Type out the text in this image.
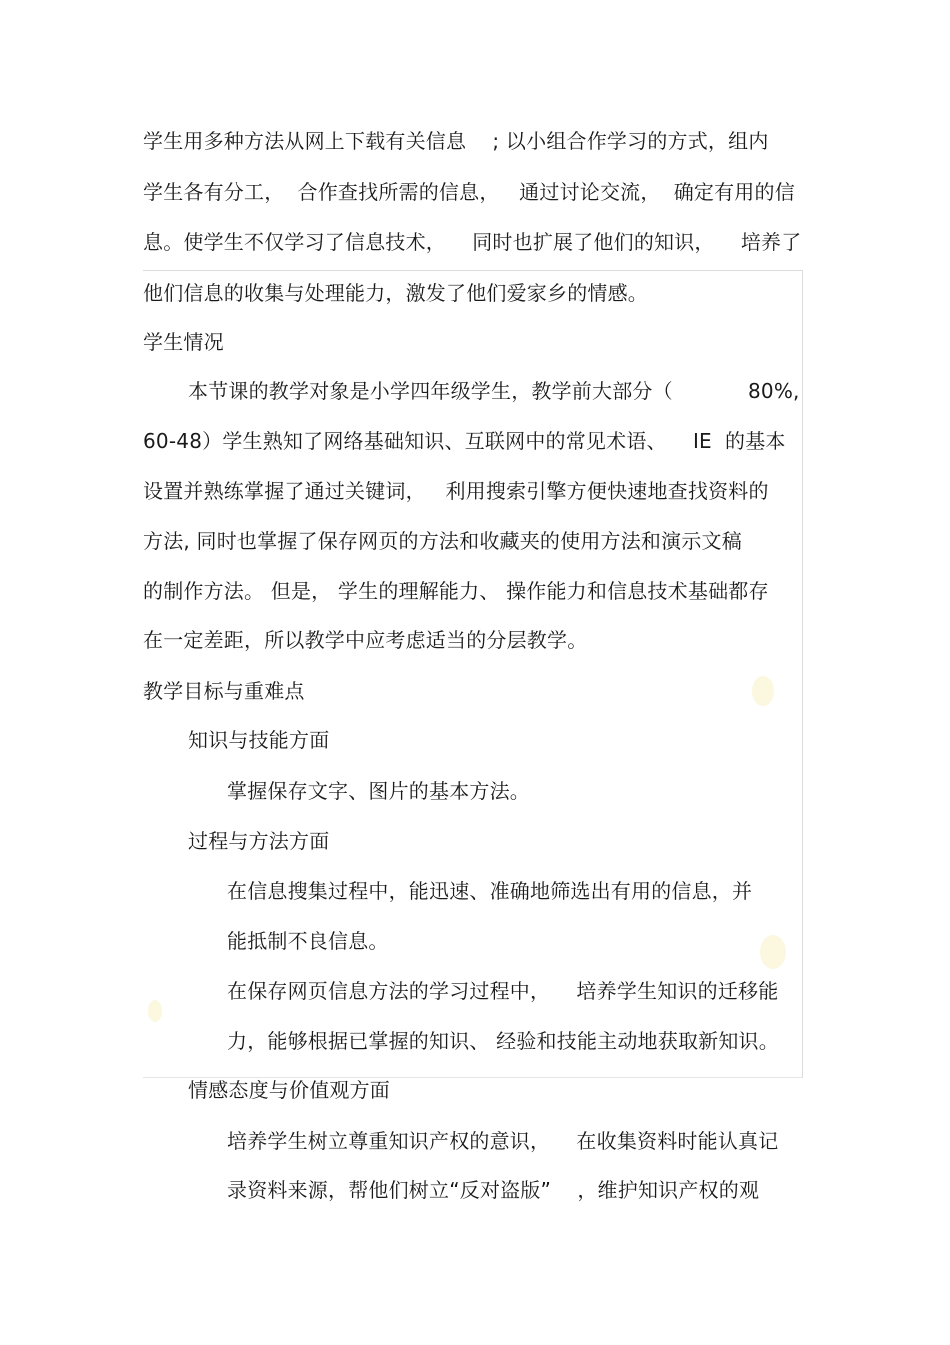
学生用多种方法从网上下载有关信息    ; 以小组合作学习的方式，组内
学生各有分工，  合作查找所需的信息，   通过讨论交流，  确定有用的信
息。使学生不仅学习了信息技术，    同时也扩展了他们的知识，    培养了
他们信息的收集与处理能力，激发了他们爱家乡的情感。
学生情况
本节课的教学对象是小学四年级学生，教学前大部分（	80%,
60-48）学生熟知了网络基础知识、互联网中的常见术语、    IE  的基本
设置并熟练掌握了通过关键词，   利用搜索引擎方便快速地查找资料的
方法, 同时也掌握了保存网页的方法和收藏夹的使用方法和演示文稿
的制作方法。 但是， 学生的理解能力、 操作能力和信息技术基础都存
在一定差距，所以教学中应考虑适当的分层教学。
教学目标与重难点
知识与技能方面
掌握保存文字、图片的基本方法。
过程与方法方面
在信息搜集过程中，能迅速、准确地筛选出有用的信息，并
能抵制不良信息。
在保存网页信息方法的学习过程中，    培养学生知识的迁移能
力，能够根据已掌握的知识、 经验和技能主动地获取新知识。
情感态度与价值观方面
培养学生树立尊重知识产权的意识，    在收集资料时能认真记
录资料来源，帮他们树立“反对盗版”    ，维护知识产权的观
